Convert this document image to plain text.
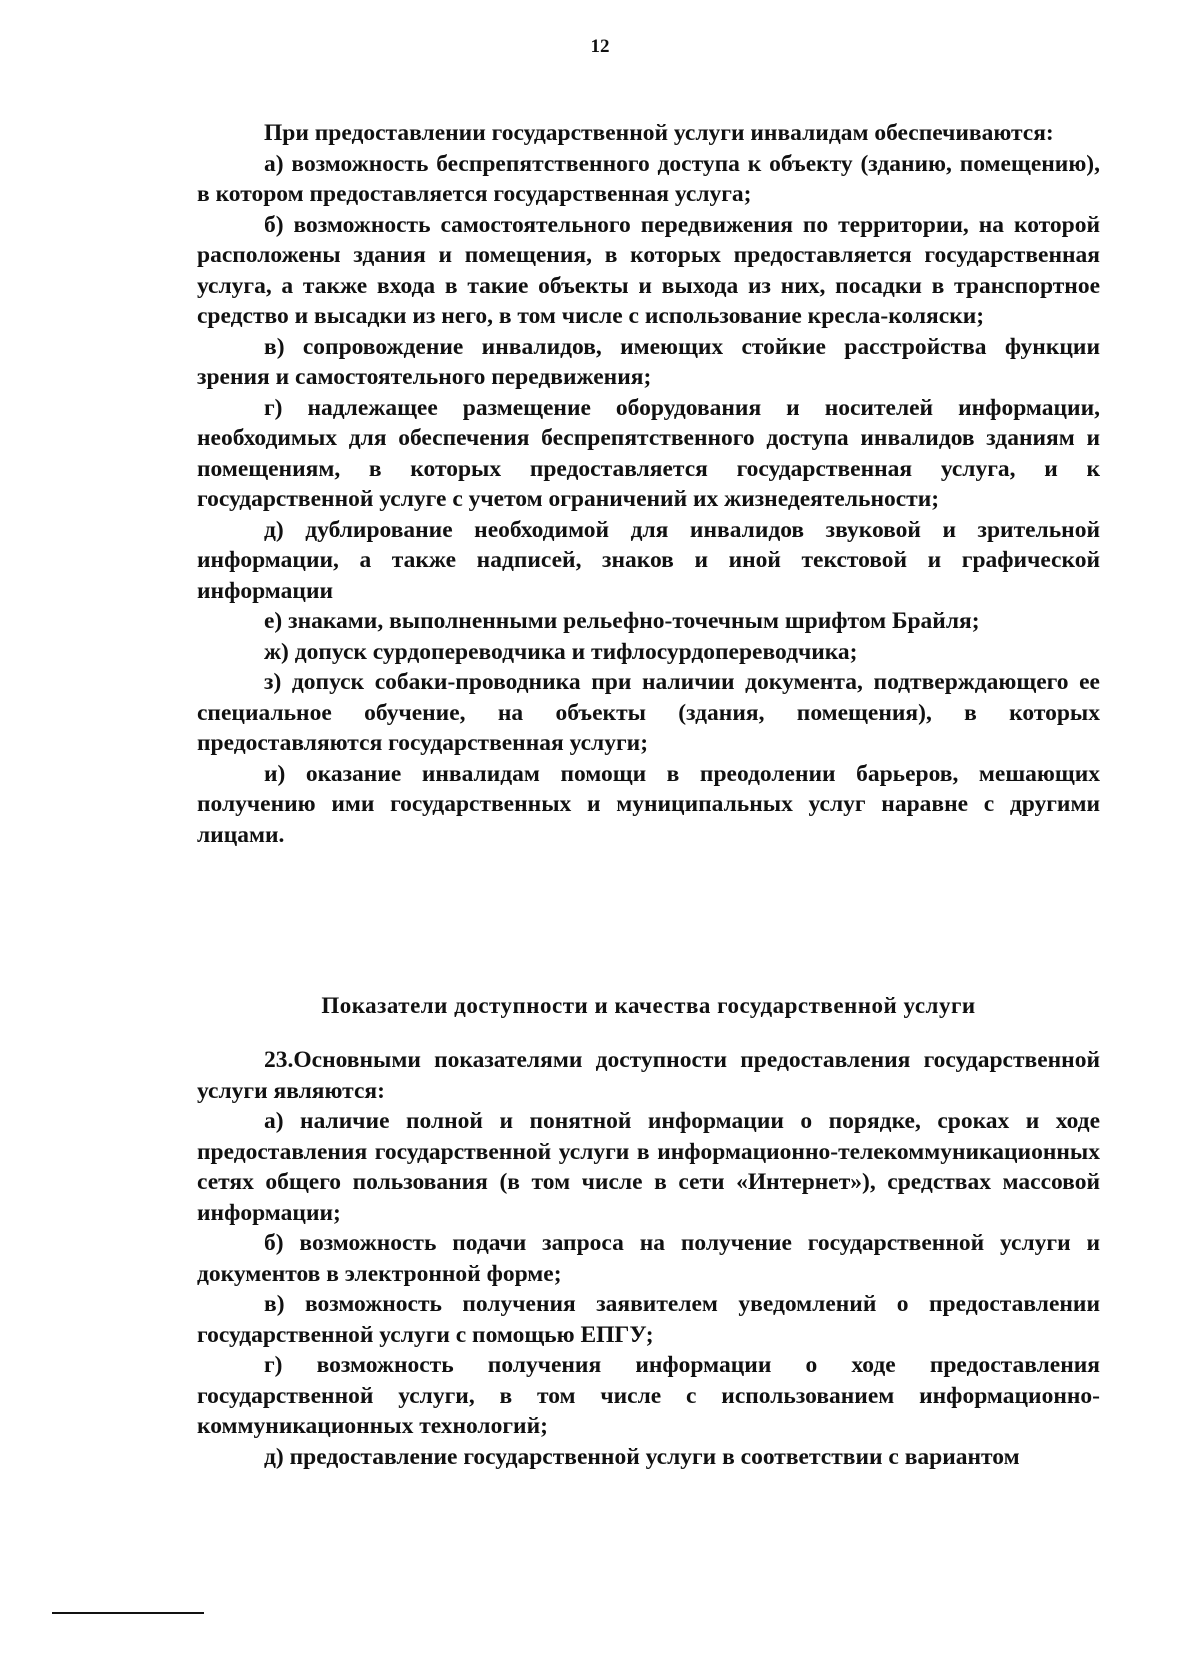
12

При предоставлении государственной услуги инвалидам обеспечиваются:

а) возможность беспрепятственного доступа к объекту (зданию, помещению), в котором предоставляется государственная услуга;

б) возможность самостоятельного передвижения по территории, на которой расположены здания и помещения, в которых предоставляется государственная услуга, а также входа в такие объекты и выхода из них, посадки в транспортное средство и высадки из него, в том числе с использование кресла-коляски;

в) сопровождение инвалидов, имеющих стойкие расстройства функции зрения и самостоятельного передвижения;

г) надлежащее размещение оборудования и носителей информации, необходимых для обеспечения беспрепятственного доступа инвалидов зданиям и помещениям, в которых предоставляется государственная услуга, и к государственной услуге с учетом ограничений их жизнедеятельности;

д) дублирование необходимой для инвалидов звуковой и зрительной информации, а также надписей, знаков и иной текстовой и графической информации

е) знаками, выполненными рельефно-точечным шрифтом Брайля;

ж) допуск сурдопереводчика и тифлосурдопереводчика;

з) допуск собаки-проводника при наличии документа, подтверждающего ее специальное обучение, на объекты (здания, помещения), в которых предоставляются государственная услуги;

и) оказание инвалидам помощи в преодолении барьеров, мешающих получению ими государственных и муниципальных услуг наравне с другими лицами.

Показатели доступности и качества государственной услуги

23.Основными показателями доступности предоставления государственной услуги являются:

а) наличие полной и понятной информации о порядке, сроках и ходе предоставления государственной услуги в информационно-телекоммуникационных сетях общего пользования (в том числе в сети «Интернет»), средствах массовой информации;

б) возможность подачи запроса на получение государственной услуги и документов в электронной форме;

в) возможность получения заявителем уведомлений о предоставлении государственной услуги с помощью ЕПГУ;

г) возможность получения информации о ходе предоставления государственной услуги, в том числе с использованием информационно-коммуникационных технологий;

д) предоставление государственной услуги в соответствии с вариантом
